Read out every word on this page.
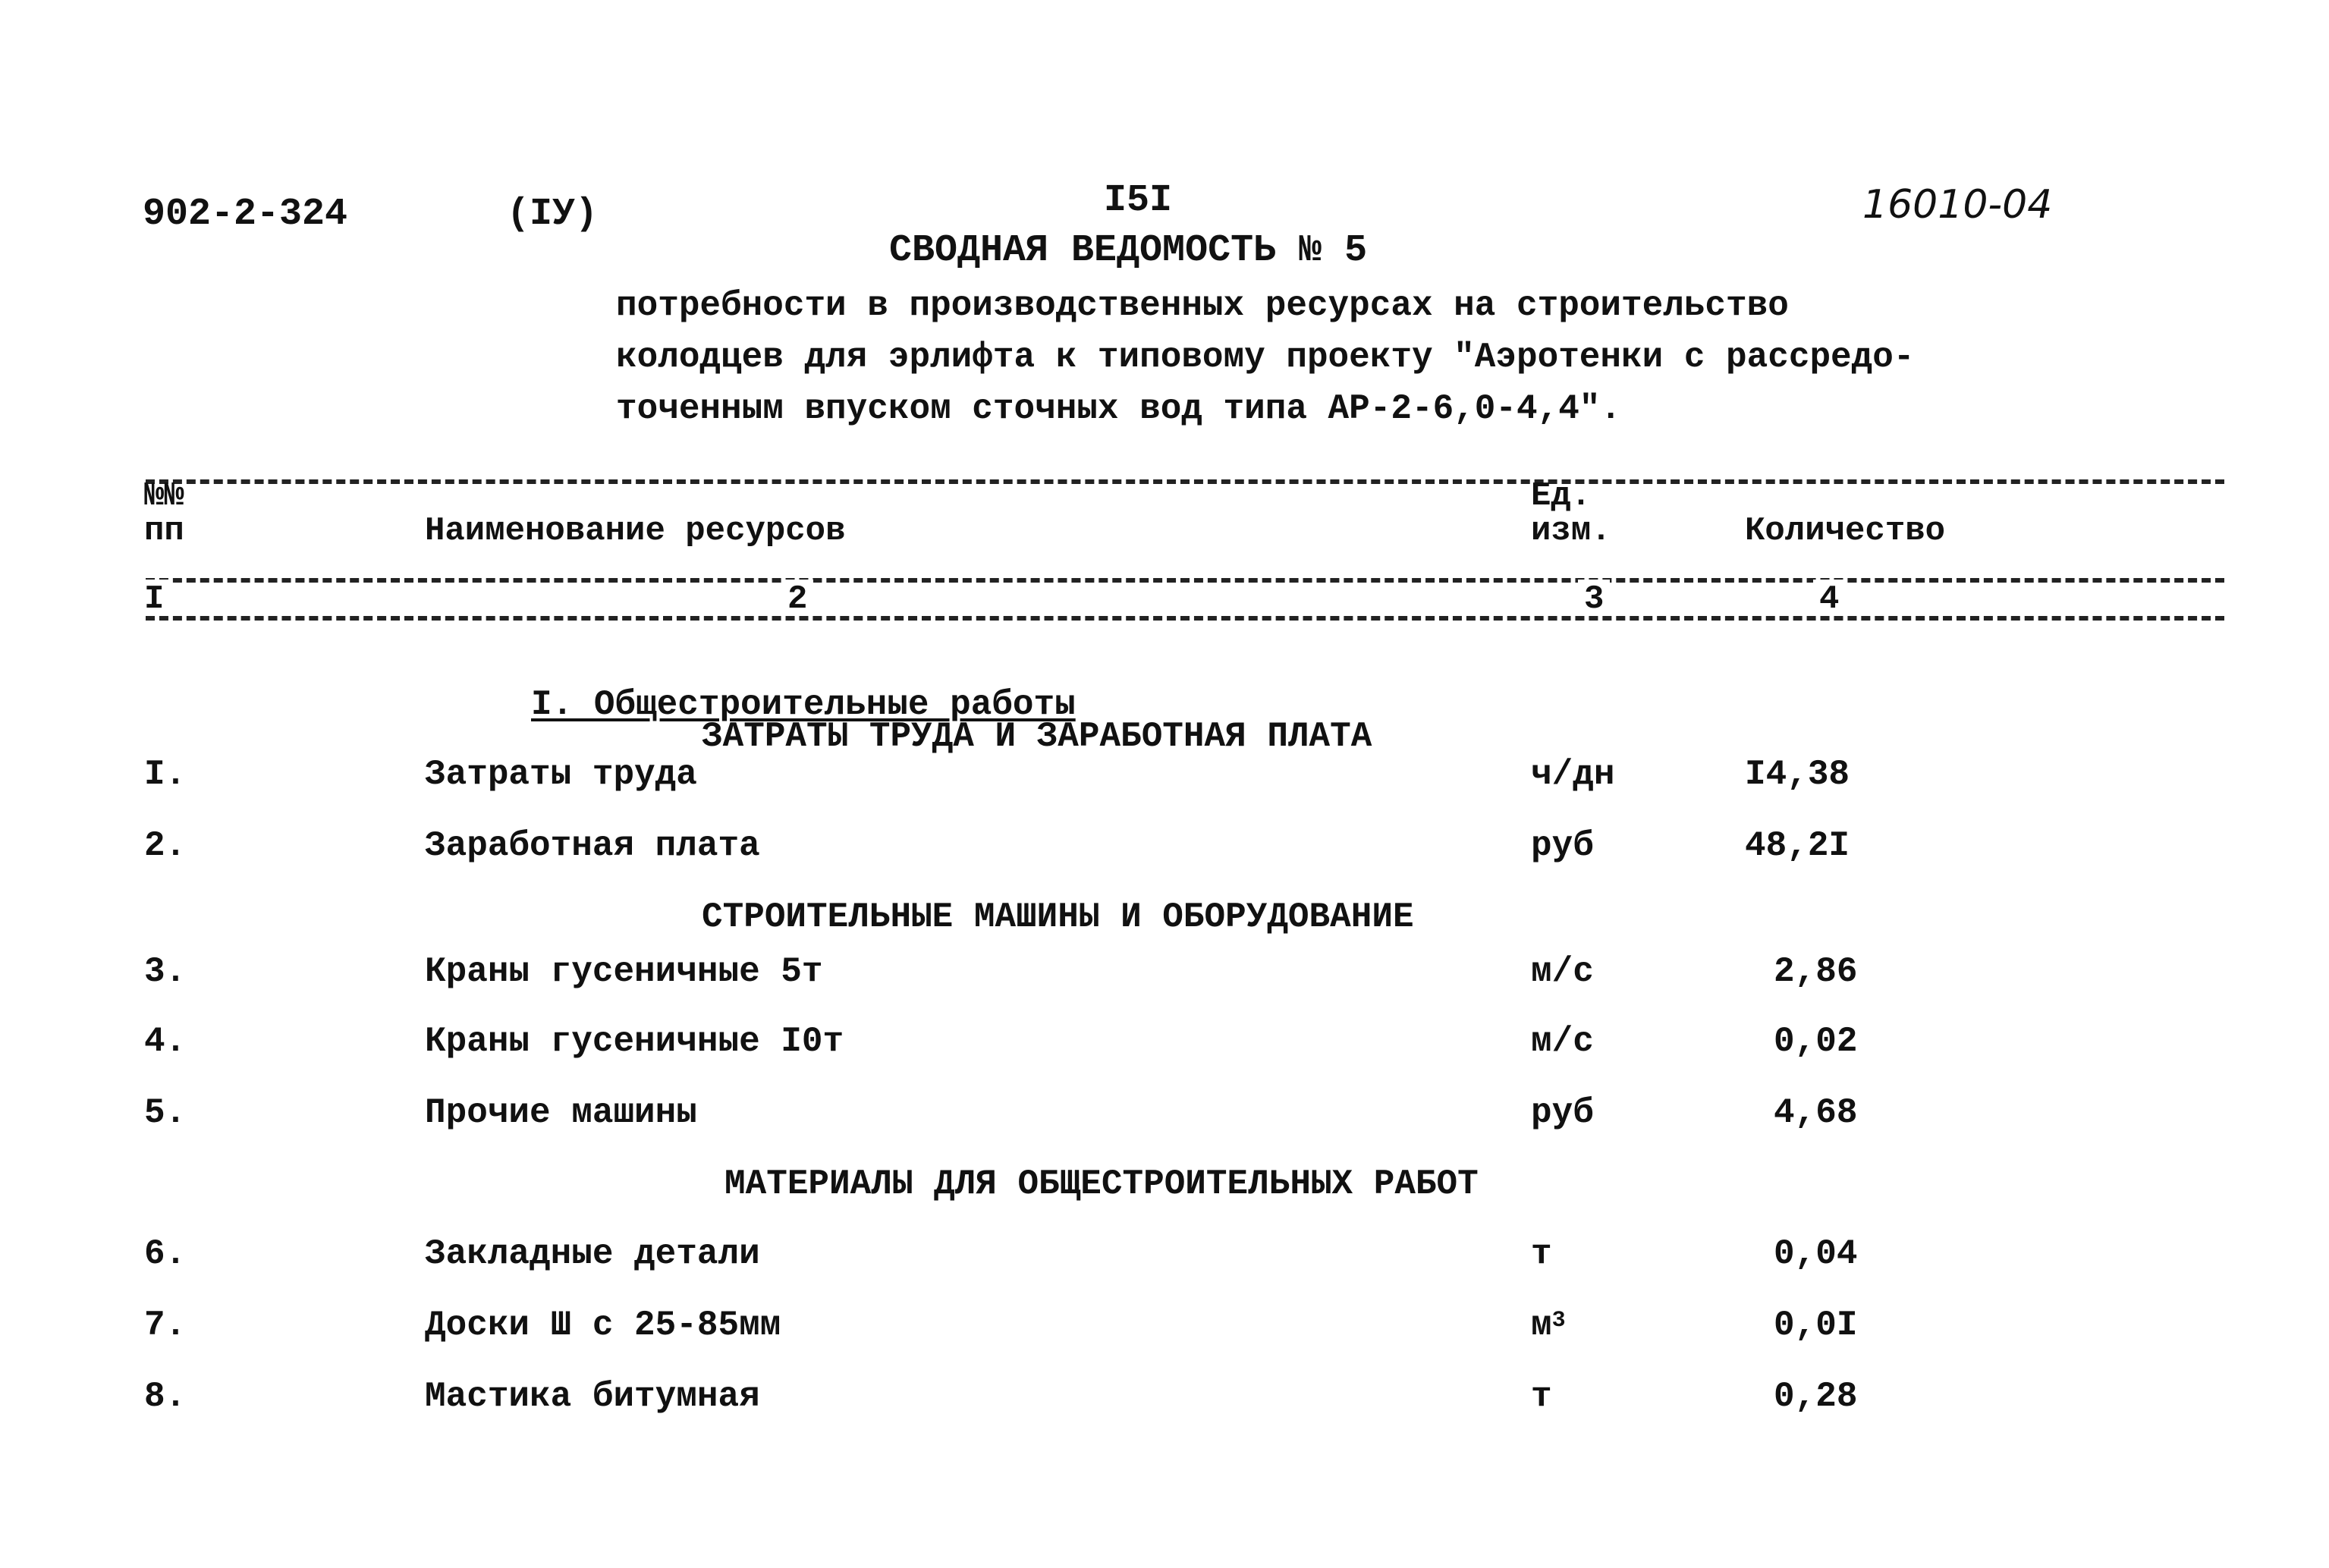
902-2-324	(IУ)	I5I	16010-04
СВОДНАЯ ВЕДОМОСТЬ № 5
потребности в производственных ресурсах на строительство
колодцев для эрлифта к типовому проекту "Аэротенки с рассредо-
точенным впуском сточных вод типа АР-2-6,0-4,4".
№№
пп	Наименование ресурсов
Ед.
изм.	Количество
I	2	3	4
I. Общестроительные работы
ЗАТРАТЫ ТРУДА И ЗАРАБОТНАЯ ПЛАТА
I.	Затраты труда	ч/дн	I4,38
2.	Заработная плата	руб	48,2I
СТРОИТЕЛЬНЫЕ МАШИНЫ И ОБОРУДОВАНИЕ
3.	Краны гусеничные 5т	м/с	2,86
4.	Краны гусеничные I0т	м/с	0,02
5.	Прочие машины	руб	4,68
МАТЕРИАЛЫ ДЛЯ ОБЩЕСТРОИТЕЛЬНЫХ РАБОТ
6.	Закладные детали	т	0,04
7.	Доски Ш с 25-85мм	$м^3$	0,0I
8.	Мастика битумная	т	0,28
